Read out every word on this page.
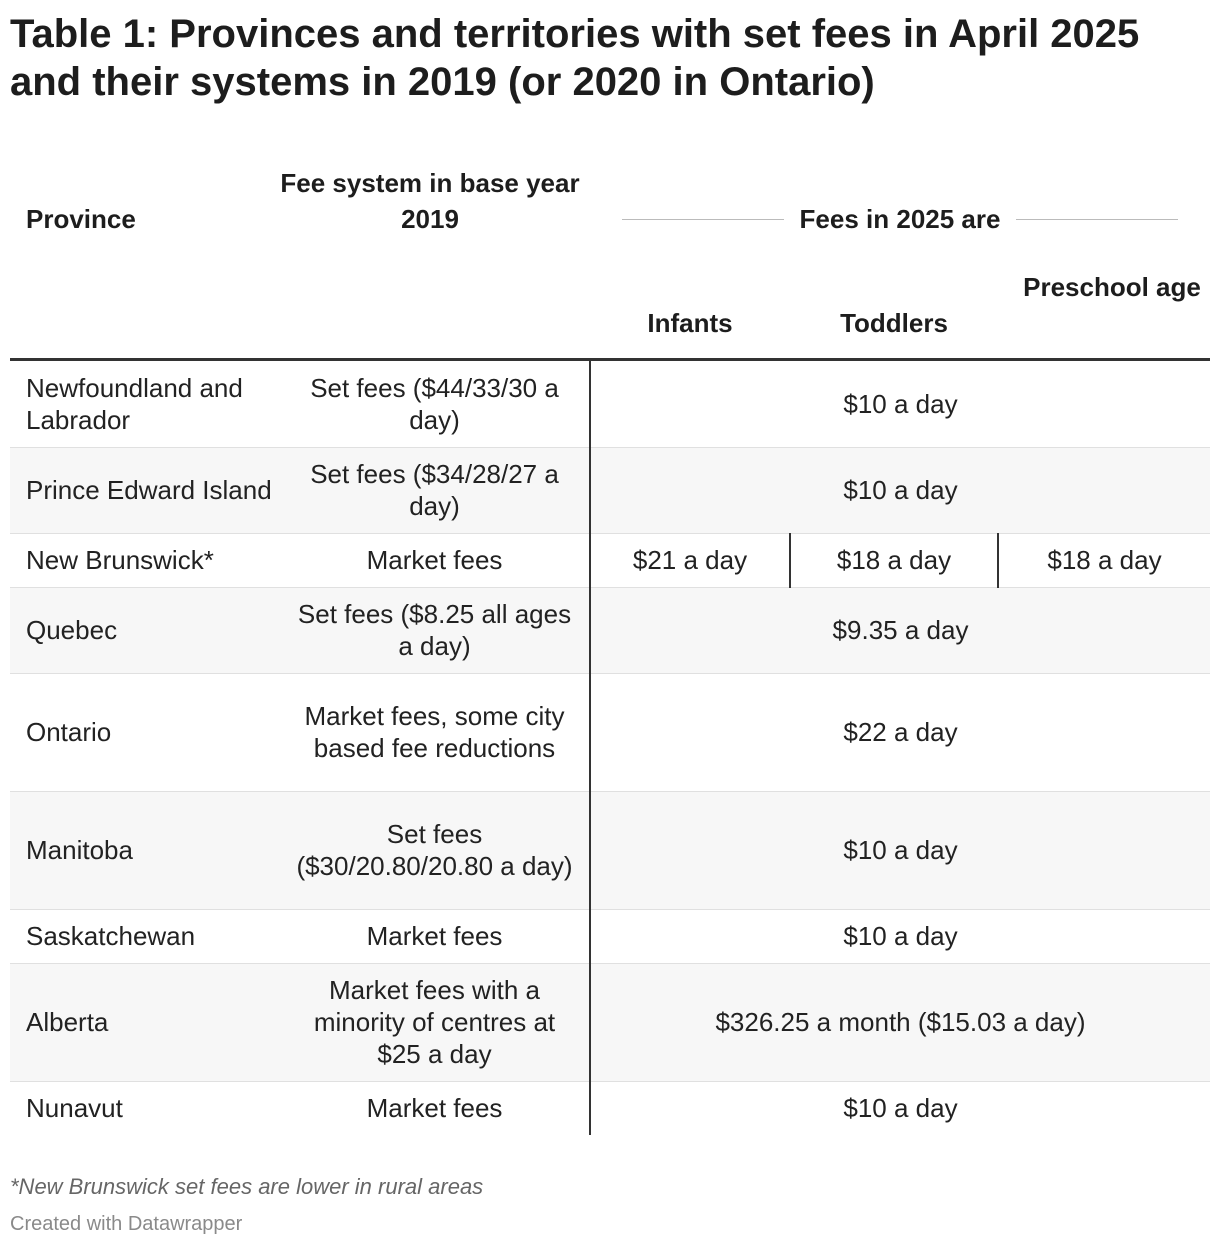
Table 1: Provinces and territories with set fees in April 2025 and their systems in 2019 (or 2020 in Ontario)
Province
Fee system in base year 2019	Fees in 2025 are
Infants	Toddlers
Preschool age
Newfoundland and Labrador	Set fees ($44/33/30 a day)	$10 a day		
Prince Edward Island	Set fees ($34/28/27 a day)	$10 a day		
New Brunswick*	Market fees	$21 a day	$18 a day	$18 a day
Quebec	Set fees ($8.25 all ages a day)	$9.35 a day		
Ontario	Market fees, some city based fee reductions	$22 a day		
Manitoba	Set fees ($30/20.80/20.80 a day)	$10 a day		
Saskatchewan	Market fees	$10 a day		
Alberta	Market fees with a minority of centres at $25 a day	$326.25 a month ($15.03 a day)		
Nunavut	Market fees	$10 a day		
*New Brunswick set fees are lower in rural areas
Created with Datawrapper
